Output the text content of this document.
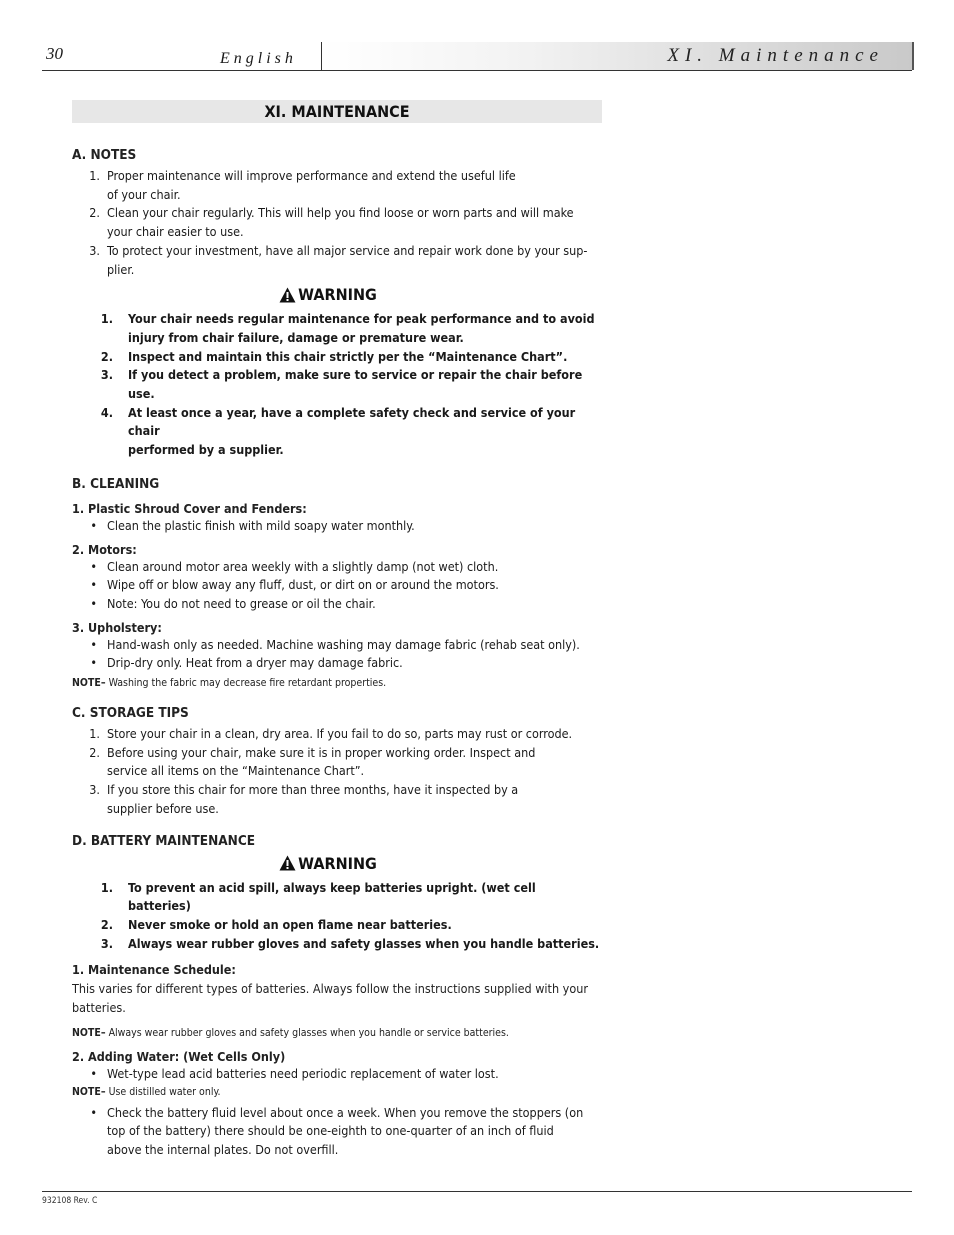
30	English	XI. Maintenance
XI. MAINTENANCE
A. NOTES
1. Proper maintenance will improve performance and extend the useful life
of your chair.
2. Clean your chair regularly. This will help you find loose or worn parts and will make
your chair easier to use.
3. To protect your investment, have all major service and repair work done by your sup-
plier.
WARNING
1.	Your chair needs regular maintenance for peak performance and to avoid
injury from chair failure, damage or premature wear.
2.	Inspect and maintain this chair strictly per the “Maintenance Chart”.
3.	If you detect a problem, make sure to service or repair the chair before use.
4.	At least once a year, have a complete safety check and service of your chair
performed by a supplier.
B. CLEANING
1. Plastic Shroud Cover and Fenders:
• Clean the plastic finish with mild soapy water monthly.
2. Motors:
• Clean around motor area weekly with a slightly damp (not wet) cloth.
• Wipe off or blow away any fluff, dust, or dirt on or around the motors.
• Note: You do not need to grease or oil the chair.
3. Upholstery:
• Hand-wash only as needed. Machine washing may damage fabric (rehab seat only).
• Drip-dry only. Heat from a dryer may damage fabric.
NOTE– Washing the fabric may decrease fire retardant properties.
C. STORAGE TIPS
1. Store your chair in a clean, dry area. If you fail to do so, parts may rust or corrode.
2. Before using your chair, make sure it is in proper working order. Inspect and
service all items on the “Maintenance Chart”.
3. If you store this chair for more than three months, have it inspected by a
supplier before use.
D. BATTERY MAINTENANCE
WARNING
1.	To prevent an acid spill, always keep batteries upright. (wet cell batteries)
2.	Never smoke or hold an open flame near batteries.
3.	Always wear rubber gloves and safety glasses when you handle batteries.
1. Maintenance Schedule:
This varies for different types of batteries. Always follow the instructions supplied with your
batteries.
NOTE– Always wear rubber gloves and safety glasses when you handle or service batteries.
2. Adding Water: (Wet Cells Only)
• Wet-type lead acid batteries need periodic replacement of water lost.
NOTE– Use distilled water only.
• Check the battery fluid level about once a week. When you remove the stoppers (on
top of the battery) there should be one-eighth to one-quarter of an inch of fluid
above the internal plates. Do not overfill.
932108 Rev. C
